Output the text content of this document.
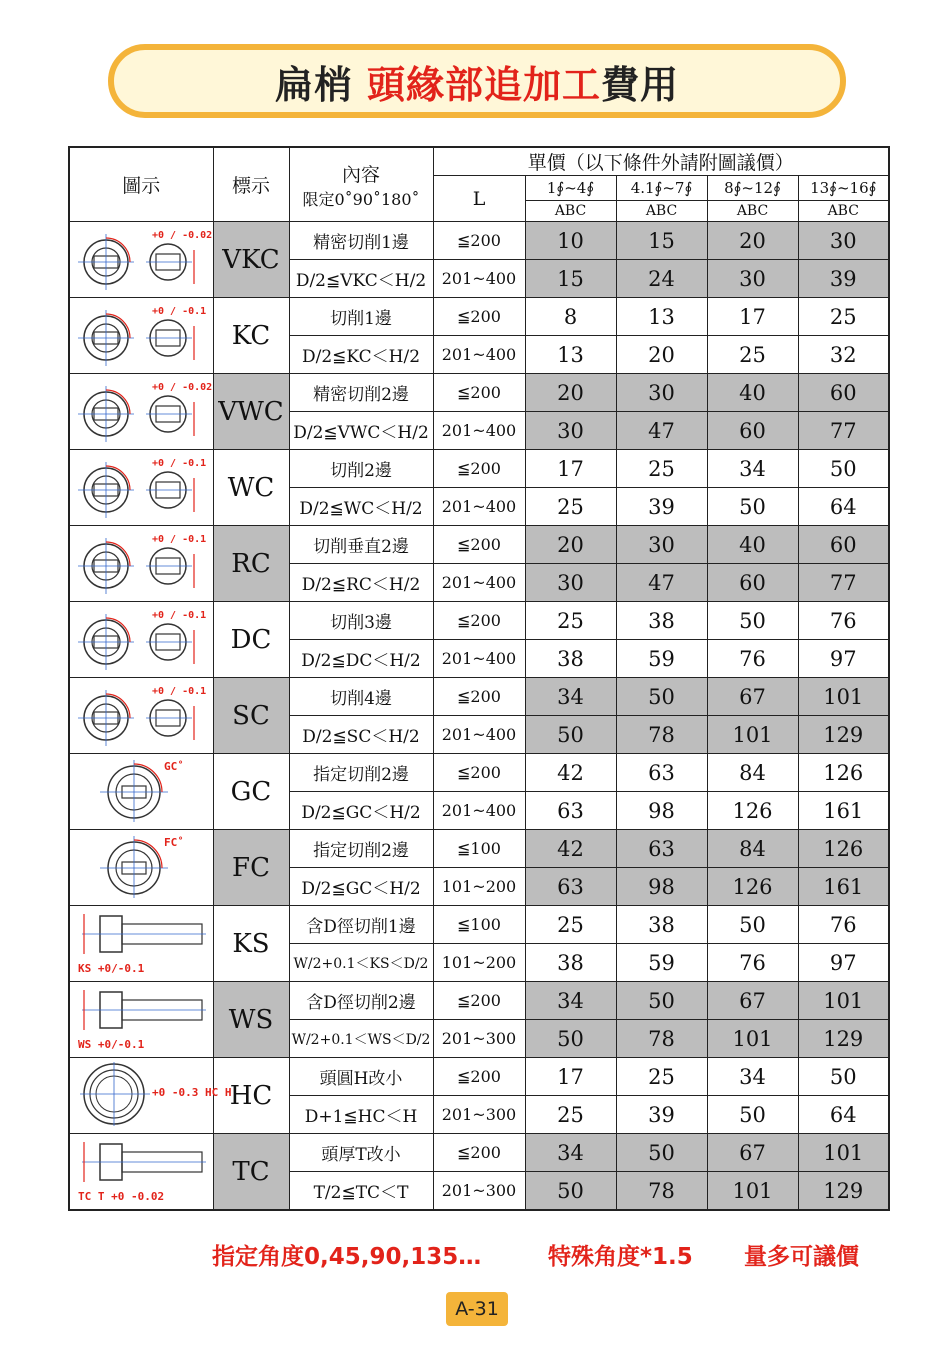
扁梢 頭緣部追加工 費用
圖示	標示	內容
限定0˚90˚180˚	單價（以下條件外請附圖議價）				
			L	1∮~4∮	4.1∮~7∮	8∮~12∮	13∮~16∮
				ABC	ABC	ABC	ABC

+0 / -0.02	VKC	精密切削1邊	≦200	10	15	20	30
		D/2≦VKC＜H/2	201~400	15	24	30	39

+0 / -0.1	KC	切削1邊	≦200	8	13	17	25
		D/2≦KC＜H/2	201~400	13	20	25	32

+0 / -0.02	VWC	精密切削2邊	≦200	20	30	40	60
		D/2≦VWC＜H/2	201~400	30	47	60	77

+0 / -0.1	WC	切削2邊	≦200	17	25	34	50
		D/2≦WC＜H/2	201~400	25	39	50	64

+0 / -0.1	RC	切削垂直2邊	≦200	20	30	40	60
		D/2≦RC＜H/2	201~400	30	47	60	77

+0 / -0.1	DC	切削3邊	≦200	25	38	50	76
		D/2≦DC＜H/2	201~400	38	59	76	97

+0 / -0.1	SC	切削4邊	≦200	34	50	67	101
		D/2≦SC＜H/2	201~400	50	78	101	129

GC˚	GC	指定切削2邊	≦200	42	63	84	126
		D/2≦GC＜H/2	201~400	63	98	126	161

FC˚	FC	指定切削2邊	≦100	42	63	84	126
		D/2≦GC＜H/2	101~200	63	98	126	161

KS +0/-0.1	KS	含D徑切削1邊	≦100	25	38	50	76
		W/2+0.1＜KS＜D/2	101~200	38	59	76	97

WS +0/-0.1	WS	含D徑切削2邊	≦200	34	50	67	101
		W/2+0.1＜WS＜D/2	201~300	50	78	101	129

+0 -0.3 HC H	HC	頭圓H改小	≦200	17	25	34	50
		D+1≦HC＜H	201~300	25	39	50	64

TC T +0 -0.02	TC	頭厚T改小	≦200	34	50	67	101
		T/2≦TC＜T	201~300	50	78	101	129
指定角度0,45,90,135…	特殊角度*1.5 量多可議價
A-31
